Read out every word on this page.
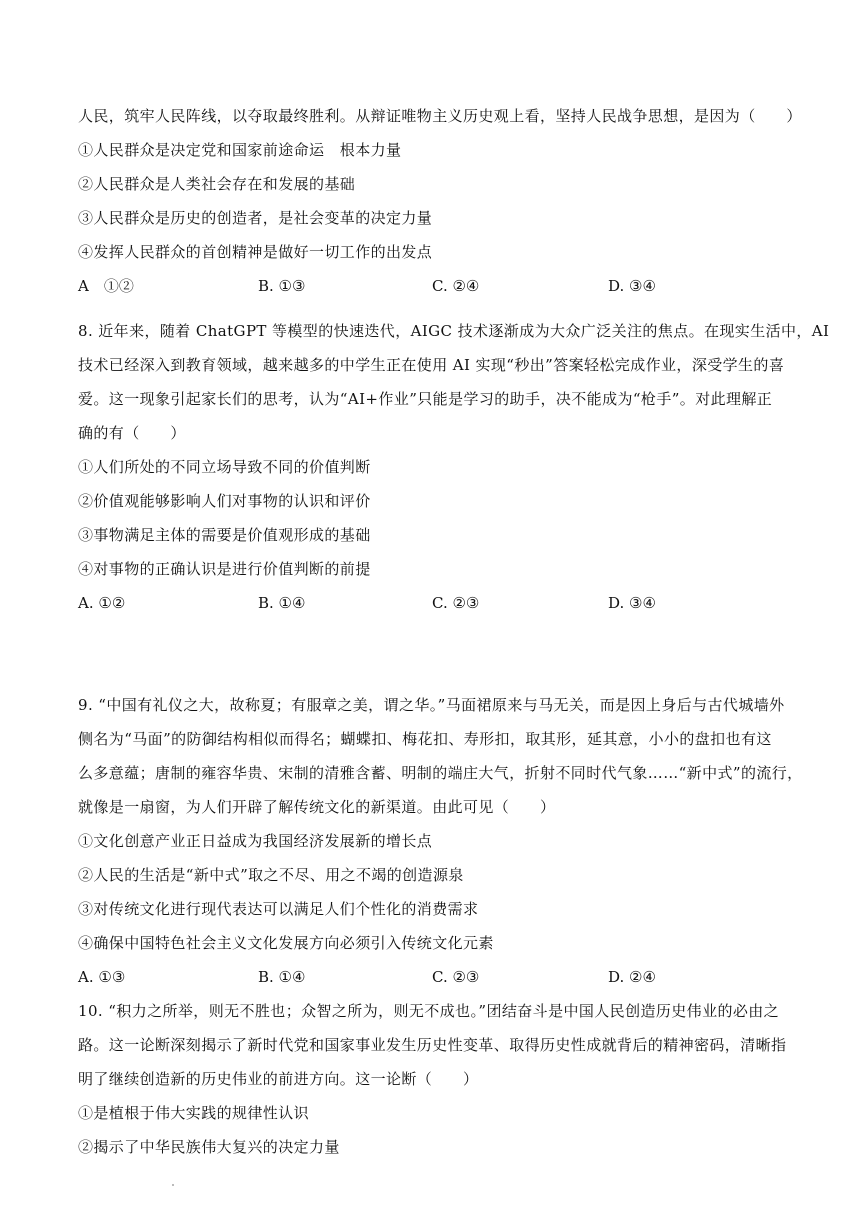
人民，筑牢人民阵线，以夺取最终胜利。从辩证唯物主义历史观上看，坚持人民战争思想，是因为（　　）
①人民群众是决定党和国家前途命运　根本力量
②人民群众是人类社会存在和发展的基础
③人民群众是历史的创造者，是社会变革的决定力量
④发挥人民群众的首创精神是做好一切工作的出发点
A　①②	B. ①③	C. ②④	D. ③④
8. 近年来，随着 ChatGPT 等模型的快速迭代，AIGC 技术逐渐成为大众广泛关注的焦点。在现实生活中，AI
技术已经深入到教育领域，越来越多的中学生正在使用 AI 实现“秒出”答案轻松完成作业，深受学生的喜
爱。这一现象引起家长们的思考，认为“AI+作业”只能是学习的助手，决不能成为“枪手”。对此理解正
确的有（　　）
①人们所处的不同立场导致不同的价值判断
②价值观能够影响人们对事物的认识和评价
③事物满足主体的需要是价值观形成的基础
④对事物的正确认识是进行价值判断的前提
A. ①②	B. ①④	C. ②③	D. ③④
9. “中国有礼仪之大，故称夏；有服章之美，谓之华。”马面裙原来与马无关，而是因上身后与古代城墙外
侧名为“马面”的防御结构相似而得名；蝴蝶扣、梅花扣、寿形扣，取其形，延其意，小小的盘扣也有这
么多意蕴；唐制的雍容华贵、宋制的清雅含蓄、明制的端庄大气，折射不同时代气象……“新中式”的流行，
就像是一扇窗，为人们开辟了解传统文化的新渠道。由此可见（　　）
①文化创意产业正日益成为我国经济发展新的增长点
②人民的生活是“新中式”取之不尽、用之不竭的创造源泉
③对传统文化进行现代表达可以满足人们个性化的消费需求
④确保中国特色社会主义文化发展方向必须引入传统文化元素
A. ①③	B. ①④	C. ②③	D. ②④
10. “积力之所举，则无不胜也；众智之所为，则无不成也。”团结奋斗是中国人民创造历史伟业的必由之
路。这一论断深刻揭示了新时代党和国家事业发生历史性变革、取得历史性成就背后的精神密码，清晰指
明了继续创造新的历史伟业的前进方向。这一论断（　　）
①是植根于伟大实践的规律性认识
②揭示了中华民族伟大复兴的决定力量
